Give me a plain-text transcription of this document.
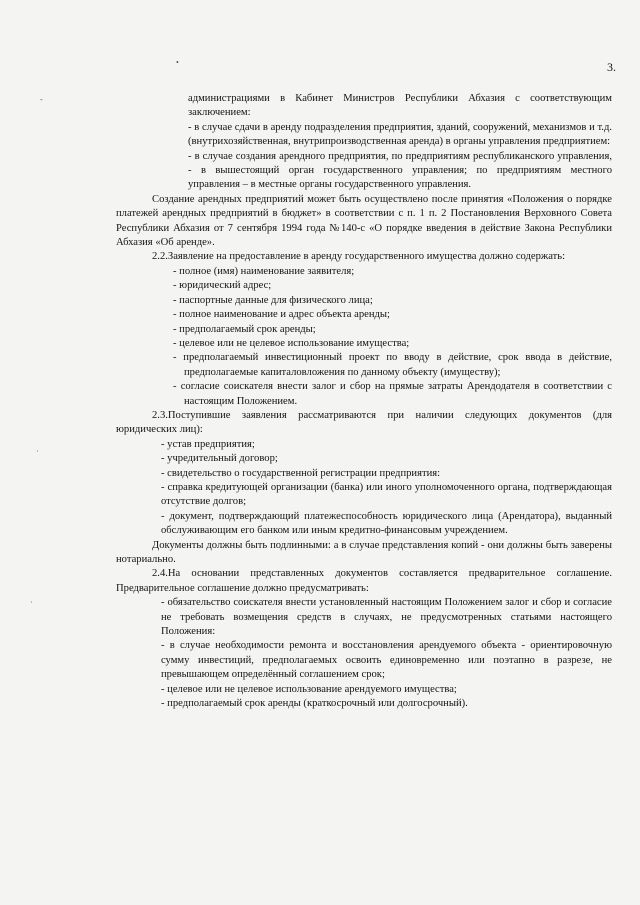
3.
•
-
·
·

администрациями в Кабинет Министров Республики Абхазия с соответствующим заключением:

- в случае сдачи в аренду подразделения предприятия, зданий, сооружений, механизмов и т.д. (внутрихозяйственная, внутрипроизводственная аренда) в органы управления предприятием:

- в случае создания арендного предприятия, по предприятиям республиканского управления, - в вышестоящий орган государственного управления; по предприятиям местного управления – в местные органы государственного управления.

Создание арендных предприятий может быть осуществлено после принятия «Положения о порядке платежей арендных предприятий в бюджет» в соответствии с п. 1 п. 2 Постановления Верховного Совета Республики Абхазия от 7 сентября 1994 года №140-с «О порядке введения в действие Закона Республики Абхазия «Об аренде».

2.2.Заявление на предоставление в аренду государственного имущества должно содержать:

- полное (имя) наименование заявителя;

- юридический адрес;

- паспортные данные для физического лица;

- полное наименование и адрес объекта аренды;

- предполагаемый срок аренды;

- целевое или не целевое использование имущества;

- предполагаемый инвестиционный проект по вводу в действие, срок ввода в действие, предполагаемые капиталовложения по данному объекту (имуществу);

- согласие соискателя внести залог и сбор на прямые затраты Арендодателя в соответствии с настоящим Положением.

2.3.Поступившие заявления рассматриваются при наличии следующих документов (для юридических лиц):

- устав предприятия;

- учредительный договор;

- свидетельство о государственной регистрации предприятия:

- справка кредитующей организации (банка) или иного уполномоченного органа, подтверждающая отсутствие долгов;

- документ, подтверждающий платежеспособность юридического лица (Арендатора), выданный обслуживающим его банком или иным кредитно-финансовым учреждением.

Документы должны быть подлинными: а в случае представления копий - они должны быть заверены нотариально.

2.4.На основании представленных документов составляется предварительное соглашение. Предварительное соглашение должно предусматривать:

- обязательство соискателя внести установленный настоящим Положением залог и сбор и согласие не требовать возмещения средств в случаях, не предусмотренных статьями настоящего Положения:

- в случае необходимости ремонта и восстановления арендуемого объекта - ориентировочную сумму инвестиций, предполагаемых освоить единовременно или поэтапно в разрезе, не превышающем определённый соглашением срок;

- целевое или не целевое использование арендуемого имущества;

- предполагаемый срок аренды (краткосрочный или долгосрочный).
